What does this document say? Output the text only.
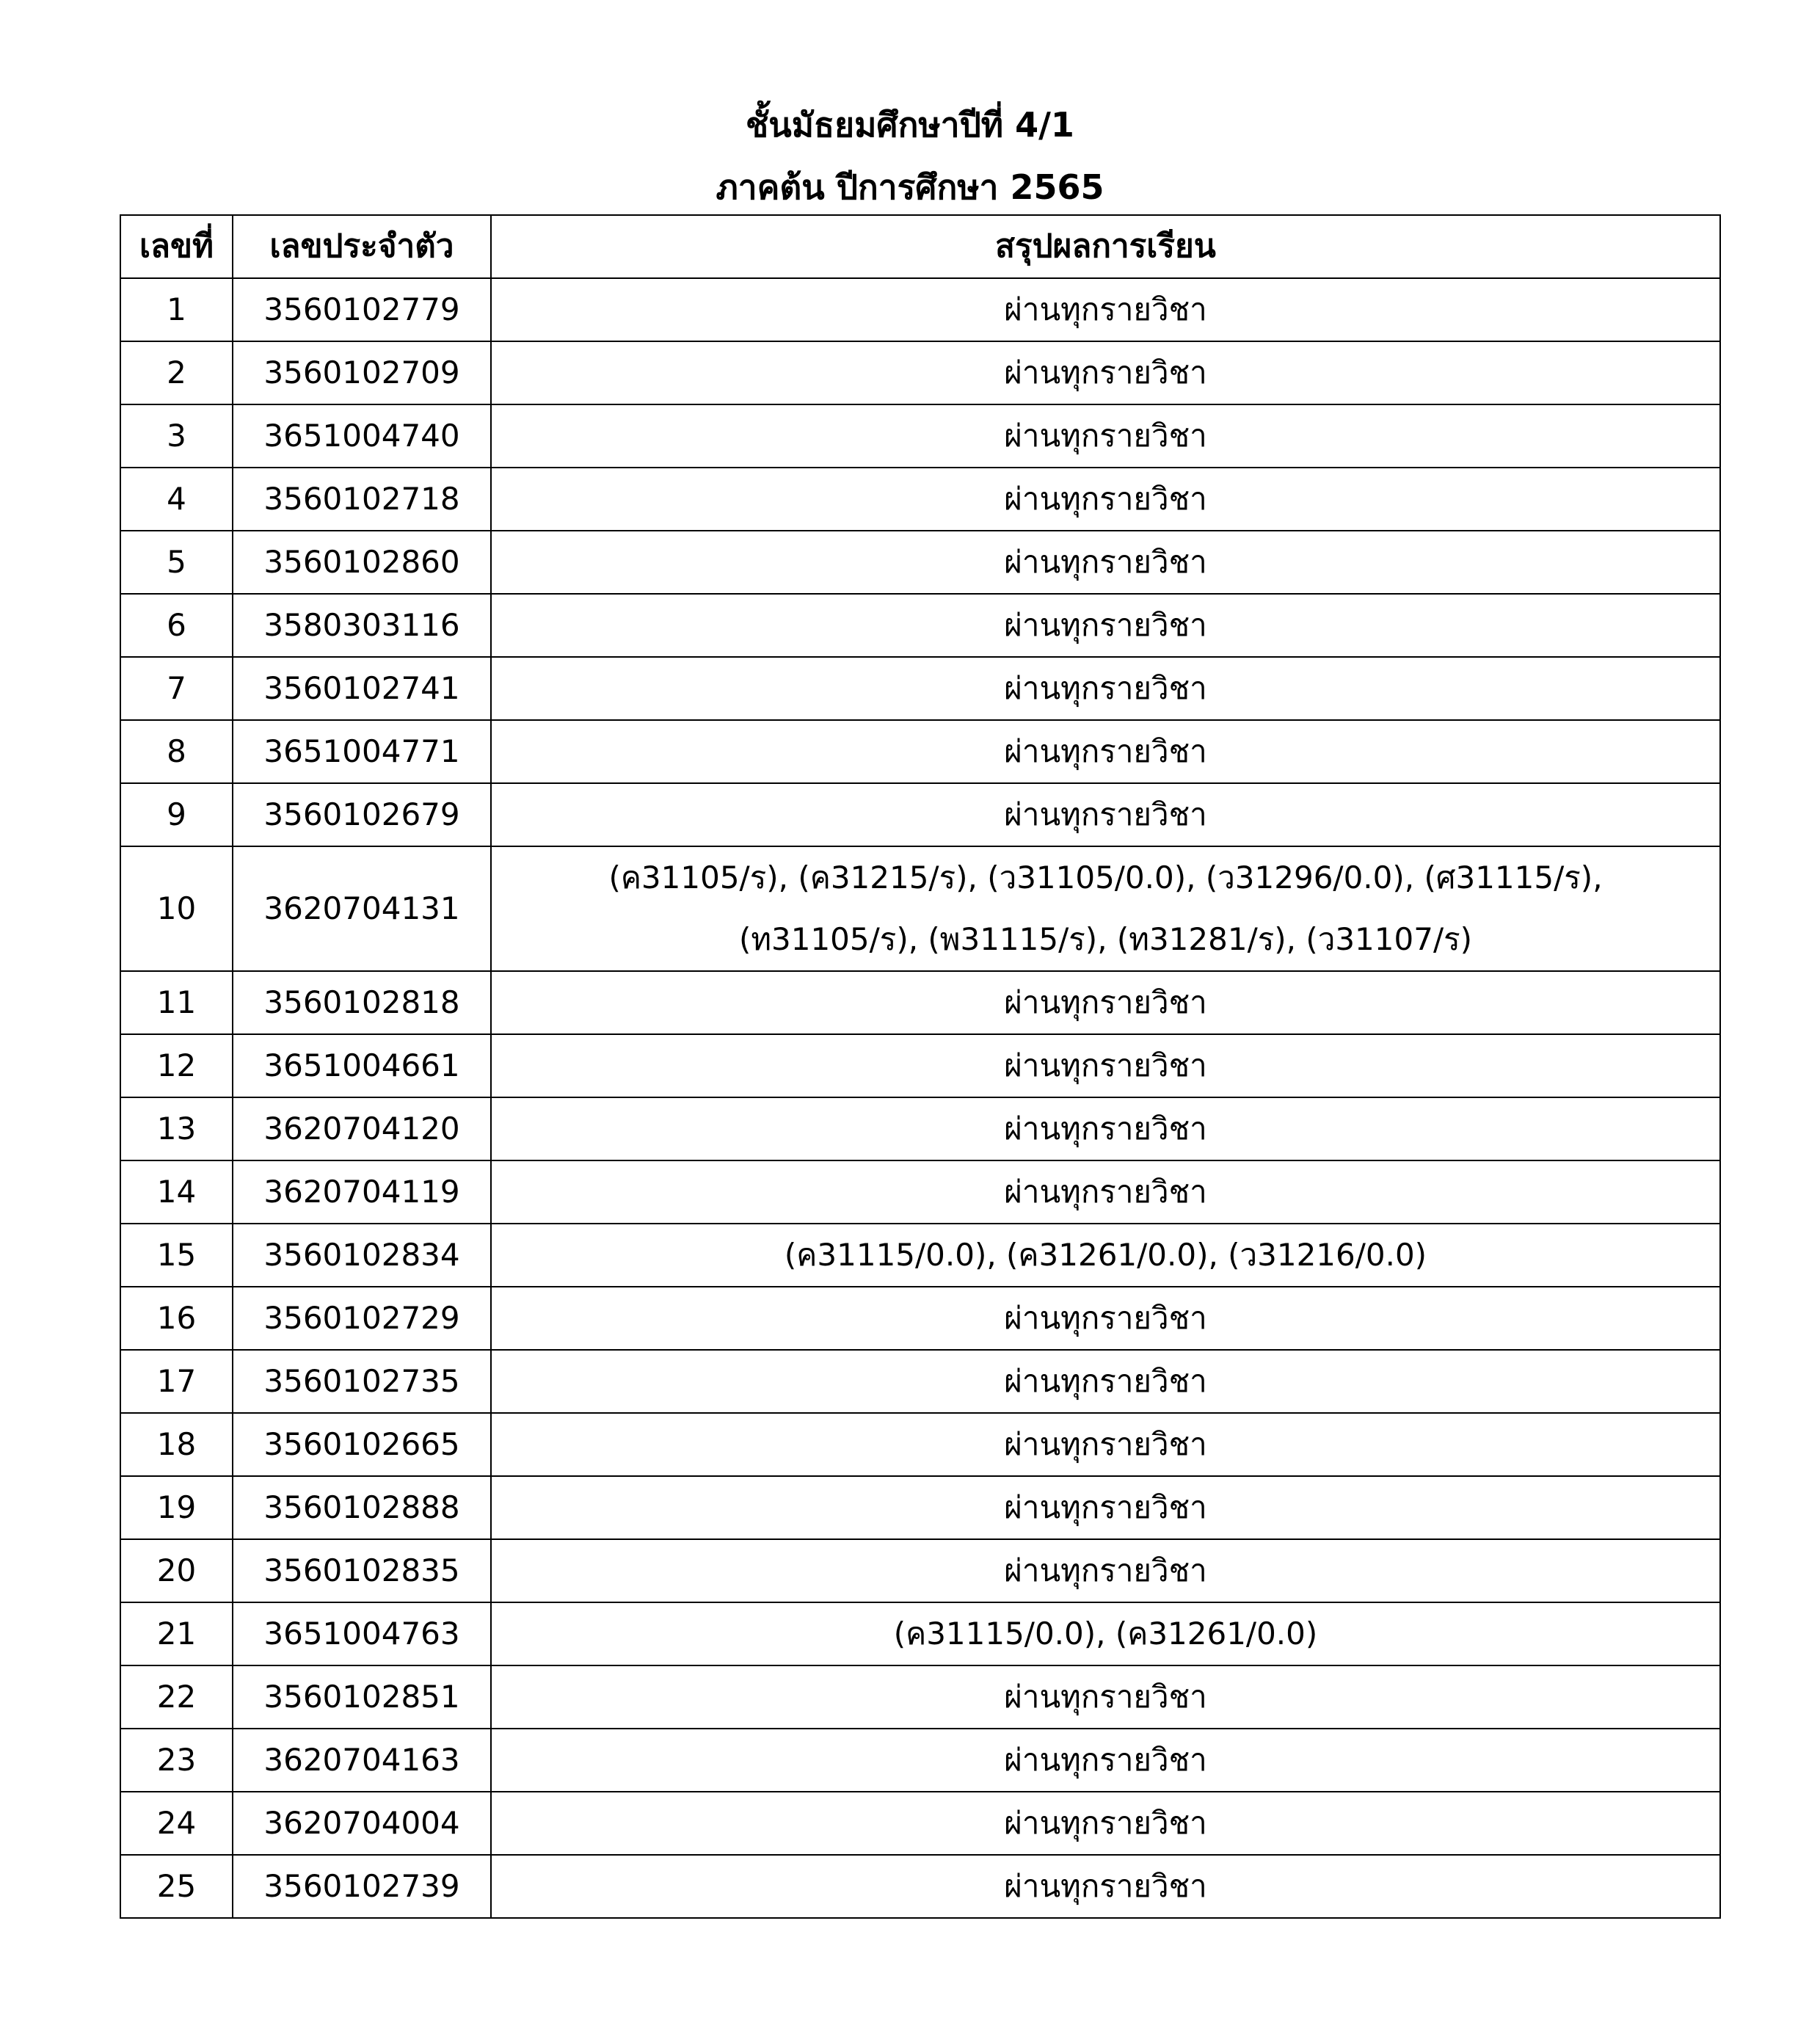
ชั้นมัธยมศึกษาปีที่ 4/1
ภาคต้น ปีการศึกษา 2565
เลขที่	เลขประจำตัว	สรุปผลการเรียน
1	3560102779	ผ่านทุกรายวิชา

2	3560102709	ผ่านทุกรายวิชา

3	3651004740	ผ่านทุกรายวิชา

4	3560102718	ผ่านทุกรายวิชา

5	3560102860	ผ่านทุกรายวิชา

6	3580303116	ผ่านทุกรายวิชา

7	3560102741	ผ่านทุกรายวิชา

8	3651004771	ผ่านทุกรายวิชา

9	3560102679	ผ่านทุกรายวิชา

10	3620704131	(ค31105/ร), (ค31215/ร), (ว31105/0.0), (ว31296/0.0), (ศ31115/ร),
(ท31105/ร), (พ31115/ร), (ท31281/ร), (ว31107/ร)

11	3560102818	ผ่านทุกรายวิชา

12	3651004661	ผ่านทุกรายวิชา

13	3620704120	ผ่านทุกรายวิชา

14	3620704119	ผ่านทุกรายวิชา

15	3560102834	(ค31115/0.0), (ค31261/0.0), (ว31216/0.0)

16	3560102729	ผ่านทุกรายวิชา

17	3560102735	ผ่านทุกรายวิชา

18	3560102665	ผ่านทุกรายวิชา

19	3560102888	ผ่านทุกรายวิชา

20	3560102835	ผ่านทุกรายวิชา

21	3651004763	(ค31115/0.0), (ค31261/0.0)

22	3560102851	ผ่านทุกรายวิชา

23	3620704163	ผ่านทุกรายวิชา

24	3620704004	ผ่านทุกรายวิชา

25	3560102739	ผ่านทุกรายวิชา
